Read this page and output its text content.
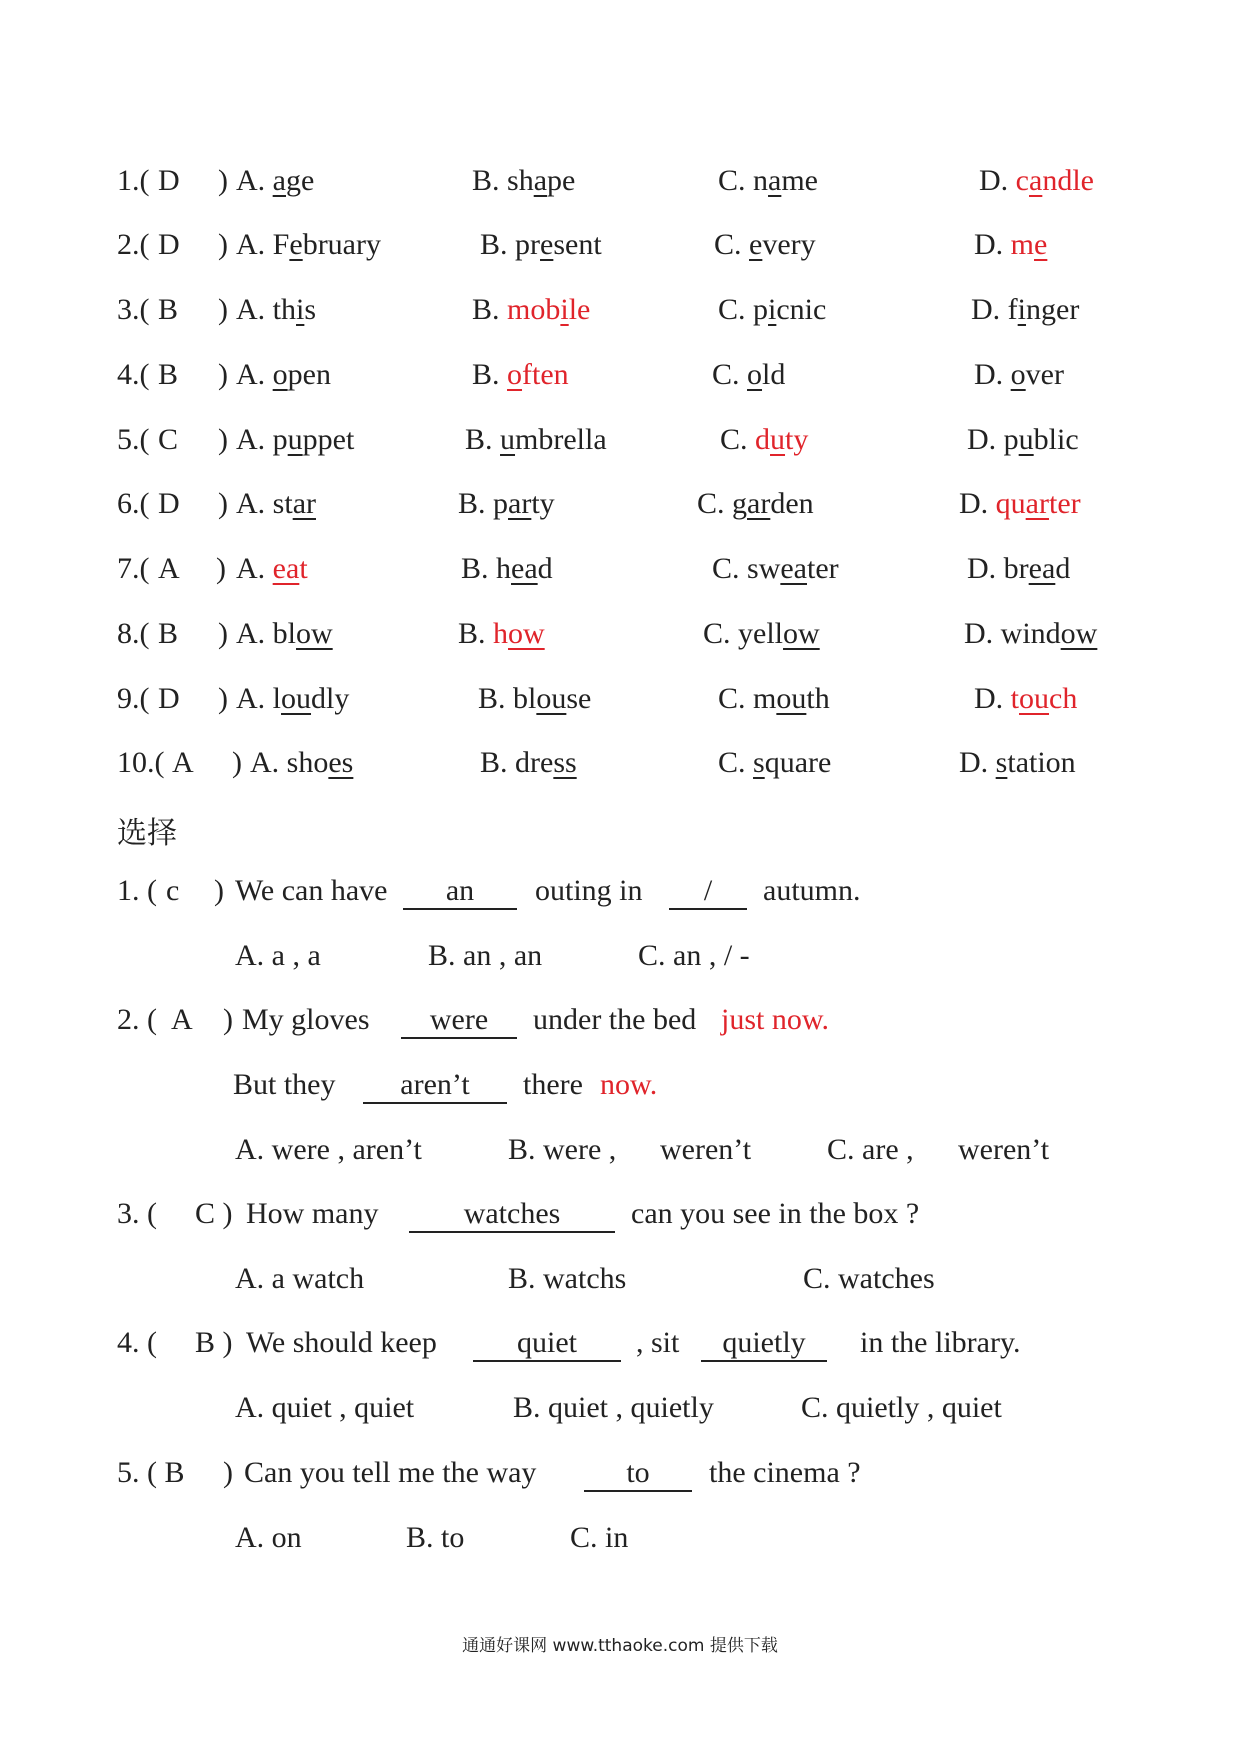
1.( D ) A. age	B. shape	C. name	D. candle
2.( D ) A. February	B. present	C. every	D. me
3.( B ) A. this	B. mobile	C. picnic	D. finger
4.( B ) A. open	B. often	C. old	D. over
5.( C ) A. puppet	B. umbrella	C. duty	D. public
6.( D ) A. star	B. party	C. garden	D. quarter
7.( A ) A. eat	B. head	C. sweater	D. bread
8.( B ) A. blow	B. how	C. yellow	D. window
9.( D ) A. loudly	B. blouse	C. mouth	D. touch
10.( A ) A. shoes	B. dress	C. square	D. station
选择
1. ( c ) We can have	an	outing in	/	autumn.
A. a , a	B. an , an	C. an , / -
2. ( A ) My gloves	were	under the bed just now.
But they	aren’t	there now.
A. were , aren’t	B. were , weren’t	C. are , weren’t
3. ( C ) How many	watches	can you see in the box ?
A. a watch	B. watchs	C. watches
4. ( B ) We should keep	quiet	, sit	quietly	in the library.
A. quiet , quiet	B. quiet , quietly	C. quietly , quiet
5. ( B ) Can you tell me the way	to	the cinema ?
A. on	B. to	C. in
通通好课网 www.tthaoke.com 提供下载
